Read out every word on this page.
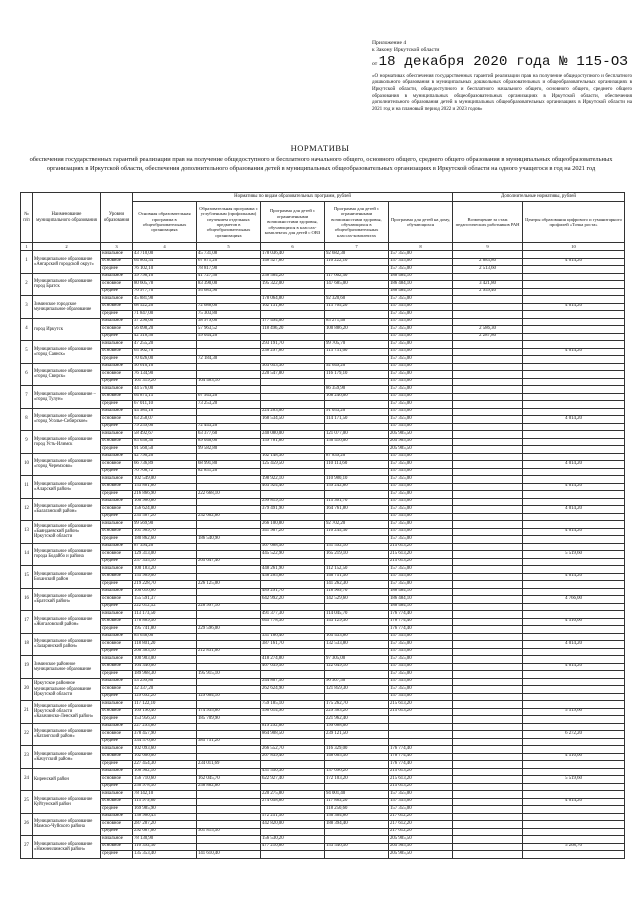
Приложение 4
к Закону Иркутской области
от 18 декабря 2020 года № 115-ОЗ
«О нормативах обеспечения государственных гарантий реализации прав на получение общедоступного и бесплатного дошкольного образования в муниципальных дошкольных образовательных и общеобразовательных организациях в Иркутской области, общедоступного и бесплатного начального общего, основного общего, среднего общего образования в муниципальных общеобразовательных организациях в Иркутской области, обеспечения дополнительного образования детей в муниципальных общеобразовательных организациях в Иркутской области на 2021 год и на плановый период 2022 и 2023 годов»
НОРМАТИВЫ
обеспечения государственных гарантий реализации прав на получение общедоступного и бесплатного начального общего, основного общего, среднего общего образования в муниципальных общеобразовательных организациях в Иркутской области, обеспечения дополнительного образования детей в муниципальных общеобразовательных организациях в Иркутской области на одного учащегося в год на 2021 год
№ п/п	Наименование муниципального образования	Уровни образования	Нормативы по видам образовательных программ, рублей					Дополнительные нормативы, рублей	
			Основная образовательная программа в общеобразовательных организациях	Образовательная программа с углубленным (профильным) изучением отдельных предметов в общеобразовательных организациях	Программа для детей с ограниченными возможностями здоровья, обучающихся в классах-комплектах для детей с ОВЗ	Программа для детей с ограниченными возможностями здоровья, обучающихся в общеобразовательных классах-комплектах	Программа для детей на дому, обучающихся	Возмещение за стаж педагогических работников РАН	Центры образования цифрового и гуманитарного профилей «Точка роста»
1	2	3	4	5	6	7	8	9	10
1	Муниципальное образование «Ангарский городской округ»	начальное	43 710,00	45 731,08	178 036,40	92 682,30	157 355,00		
		основное	64 863,54	67 871,20	146 527,80	116 222,10	157 355,00	2 883,80	4 014,20
		среднее	76 102,10	78 817,90			157 355,00	2 513,60	
2	Муниципальное образование город Братск	начальное	39 798,10	41 727,50	256 584,20	117 662,50	186 484,10		
		основное	80 605,78	83 390,00	195 322,00	147 685,00	186 484,10	3 421,80	
		среднее	76 977,70	95 683,90			186 484,10	2 959,40	
3	Зиминское городское муниципальное образование	начальное	45 881,98		178 064,80	92 320,60	157 355,00		
		основное	68 522,20	72 686,00	162 131,80	113 765,20	157 355,00		4 014,20
		среднее	71 847,00	75 303,80			157 355,00		
4	город Иркутск	начальное	37 290,00	38 979,00	177 494,00	85 271,40	157 355,00		
		основное	56 098,20	57 963,52	118 496,20	100 886,20	157 355,00	2 586,30	
		среднее	42 316,50	59 044,20			157 355,00	2 287,80	
5	Муниципальное образование «город Саянск»	начальное	47 255,20		293 191,70	99 705,70	157 355,00		
		основное	65 962,70		236 297,60	113 731,00	157 355,00		4 014,20
		среднее	70 026,00	72 184,30			157 355,00		
6	Муниципальное образование «город Свирск»	начальное	50 610,10		303 653,30	92 649,20	157 355,00		
		основное	76 134,90		220 547,80	116 179,10	157 355,00		
		среднее	101 319,20	104 463,10			157 355,00		
7	Муниципальное образование – «город Тулун»	начальное	44 576,00			86 359,90	157 355,00		
		основное	64 875,15	67 943,20		108 246,00	157 355,00		
		среднее	67 011,10	73 253,20			157 355,00		
8	Муниципальное образование «город Усолье-Сибирское»	начальное	44 985,10		224 263,00	91 053,20	157 355,00		
		основное	63 258,07		168 534,50	114 171,50	157 355,00		4 014,20
		среднее	79 259,60	72 443,20			157 355,00		
9	Муниципальное образование город Усть-Илимск	начальное	58 492,67	63 377,60	240 080,00	121 077,00	205 905,50		
		основное	85 636,30	89 040,60	159 761,80	150 416,00	205 905,50		
		среднее	91 560,50	99 582,80			205 905,50		
10	Муниципальное образование «город Черемхово»	начальное	42 790,20		162 148,30	87 839,20	157 355,00		
		основное	66 736,89	68 991,80	125 459,50	110 113,60	157 355,00		4 014,20
		среднее	70 708,72	82 851,20			157 355,00		
11	Муниципальное образование «Аларский район»	начальное	102 549,00		198 922,10	110 980,10	157 355,00		
		основное	153 861,80		463 924,40	159 242,80	157 355,00		4 014,20
		среднее	216 866,90	222 668,10			157 355,00		
12	Муниципальное образование «Балаганский район»	начальное	100 966,80		299 819,10	115 361,70	157 355,00		
		основное	156 624,80		379 491,90	164 761,80	157 355,00		4 014,20
		среднее	235 567,20	232 602,80			157 355,00		
13	Муниципальное образование «Баяндаевский район» Иркутской области	начальное	99 569,90		266 100,80	92 702,20	157 355,00		
		основное	161 969,70		341 907,20	116 245,30	157 355,00		4 014,20
		среднее	180 862,60	186 540,90			157 355,00		
14	Муниципальное образование города Бодайбо и района	начальное	87 394,20		567 668,50	151 592,10	215 613,20		
		основное	129 313,00		445 522,90	165 219,10	215 613,20		5 519,60
		среднее	257 335,10	265 647,40			215 613,20		
15	Муниципальное образование Боханский район	начальное	100 183,20		448 261,90	112 152,50	157 355,00		
		основное	155 969,00		458 265,80	140 751,50	157 355,00		4 014,20
		среднее	219 228,70	226 125,00		141 262,30	157 355,00		
16	Муниципальное образование «Братский район»	начальное	100 016,60		489 291,70	118 969,70	186 484,10		
		основное	155 591,37		642 992,20	142 529,60	186 484,10		4 766,00
		среднее	222 012,52	228 997,10			186 484,10		
17	Муниципальное образование «Жигаловский район»	начальное	113 173,50		491 377,30	114 045,70	176 774,40		
		основное	178 869,50		645 778,30	143 129,30	176 774,40		4 516,00
		среднее	195 741,80	229 596,00			176 774,40		
18	Муниципальное образование «Заларинский район»	начальное	85 638,00		331 186,40	105 433,60	157 355,00		
		основное	118 801,20		387 161,70	132 533,80	157 355,00		4 014,20
		среднее	200 363,10	212 831,00			157 355,00		
19	Зиминское районное муниципальное образование	начальное	100 903,00		418 274,80	97 305,00	157 355,00		
		основное	164 346,00		467 039,50	122 649,10	157 355,00		4 014,20
		среднее	189 968,30	195 915,10			157 355,00		
20	Иркутское районное муниципальное образование Иркутской области	начальное	53 299,80		244 807,50	96 307,50	157 355,00		
		основное	32 337,20		262 624,90	121 859,30	157 355,00		
		среднее	129 092,20	129 604,10			157 355,00		
21	Муниципальное образование Иркутской области «Казачинско-Ленский район»	начальное	117 122,10		759 185,10	175 262,70	215 613,20		
		основное	169 190,40	174 935,80	590 014,90	229 363,20	215 613,20		5 519,60
		среднее	153 956,50	185 709,90		221 962,40			
22	Муниципальное образование «Катангский район»	начальное	227 293,80		819 292,00	199 668,00			
		основное	378 457,90		864 908,50	239 121,50			6 272,20
		среднее	334 576,00	385 751,20					
23	Муниципальное образование «Качугский район»	начальное	102 093,60		266 552,70	116 329,00	176 774,40		
		основное	162 606,00		267 839,40	146 005,50	176 774,40		4 516,00
		среднее	227 454,30	234 011,69			176 774,40		
24	Киренский район	начальное	106 902,10		431 550,30	137 096,20	215 613,20		
		основное	156 710,60	162 045,70	622 927,40	172 103,20	215 613,20		5 519,60
		среднее	250 978,50	258 882,80			215 613,20		
25	Муниципальное образование Куйтунский район	начальное	78 142,10		220 275,80	94 001,40	157 355,00		
		основное	115 979,80		274 058,80	117 883,20	157 355,00		4 014,20
		среднее	169 985,90			118 250,60	157 355,00		
26	Муниципальное образование Мамско-Чуйского района	начальное	136 960,43		572 251,50	150 304,60	217 612,20		
		основное	287 287,20		442 820,00	188 394,40	217 612,20		
		среднее	292 687,00	301 815,50			217 612,20		
27	Муниципальное образование «Нижнеилимский район»	начальное	78 130,90		156 530,20		205 905,50		
		основное	116 393,30		477 210,80	153 546,50	205 905,50		5 268,70
		среднее	135 353,40	141 610,40			205 905,50		
